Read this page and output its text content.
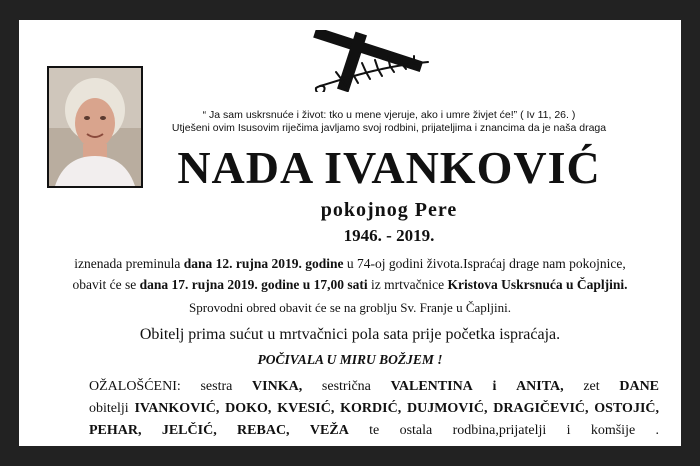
“ Ja sam uskrsnuće i život: tko u mene vjeruje, ako i umre živjet će!” ( Iv 11, 26. )
Utješeni ovim Isusovim riječima javljamo svoj rodbini, prijateljima i znancima da je naša draga
NADA IVANKOVIĆ
pokojnog Pere
1946. - 2019.
iznenada preminula dana 12. rujna 2019. godine u 74-oj godini života.Ispraćaj drage nam pokojnice,
obavit će se dana 17. rujna 2019. godine u 17,00 sati iz mrtvačnice Kristova Uskrsnuća u Čapljini.
Sprovodni obred obavit će se na groblju Sv. Franje u Čapljini.
Obitelj prima sućut u mrtvačnici pola sata prije početka ispraćaja.
POČIVALA U MIRU BOŽJEM !
OŽALOŠĆENI: sestra VINKA, sestrična VALENTINA i ANITA, zet DANE
obitelji IVANKOVIĆ, DOKO, KVESIĆ, KORDIĆ, DUJMOVIĆ, DRAGIČEVIĆ, OSTOJIĆ,
PEHAR, JELČIĆ, REBAC, VEŽA te ostala rodbina,prijatelji i komšije .
